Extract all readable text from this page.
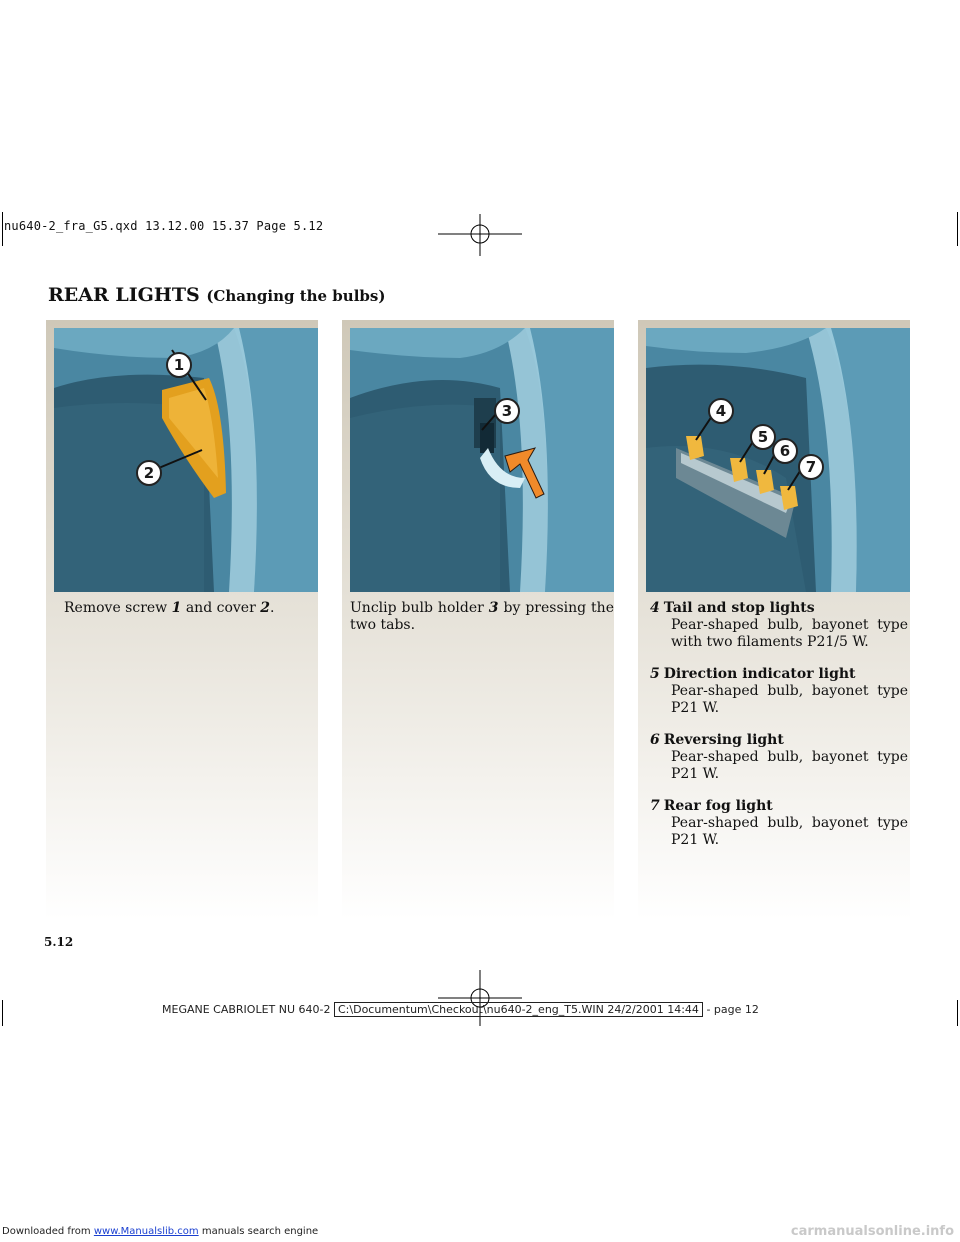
nu640-2_fra_G5.qxd 13.12.00 15.37 Page 5.12
REAR LIGHTS (Changing the bulbs)
1
2
Remove screw 1 and cover 2.
3
Unclip bulb holder 3 by pressing the two tabs.
4
5
6
7
4 Tail and stop lights
Pear-shaped bulb, bayonet type with two filaments P21/5 W.
5 Direction indicator light
Pear-shaped bulb, bayonet type P21 W.
6 Reversing light
Pear-shaped bulb, bayonet type P21 W.
7 Rear fog light
Pear-shaped bulb, bayonet type P21 W.
5.12
MEGANE CABRIOLET NU 640-2 C:\Documentum\Checkout\nu640-2_eng_T5.WIN 24/2/2001 14:44 - page 12
Downloaded from www.Manualslib.com manuals search engine	carmanualsonline.info
